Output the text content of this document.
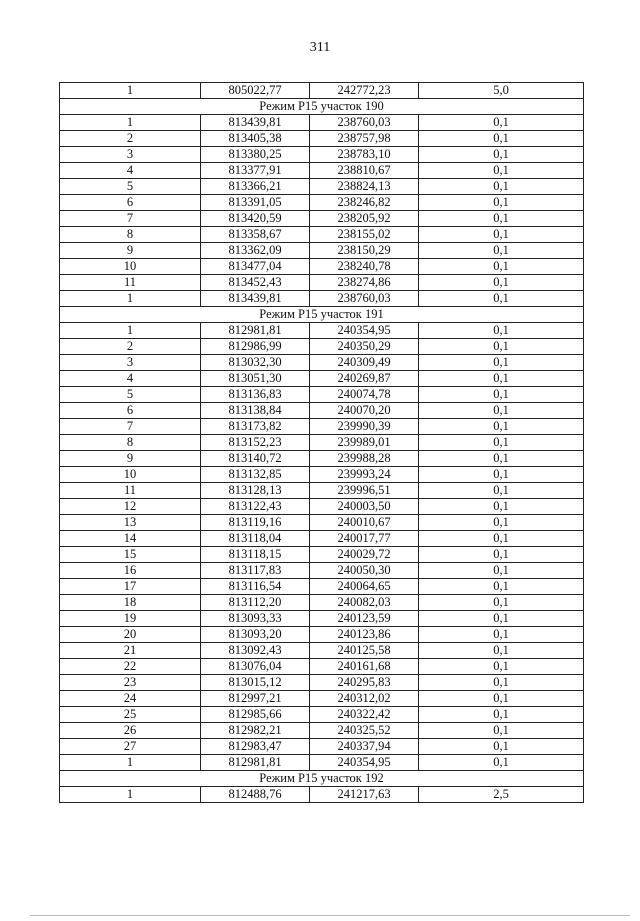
311
1	805022,77	242772,23	5,0
Режим Р15 участок 190			
1	813439,81	238760,03	0,1
2	813405,38	238757,98	0,1
3	813380,25	238783,10	0,1
4	813377,91	238810,67	0,1
5	813366,21	238824,13	0,1
6	813391,05	238246,82	0,1
7	813420,59	238205,92	0,1
8	813358,67	238155,02	0,1
9	813362,09	238150,29	0,1
10	813477,04	238240,78	0,1
11	813452,43	238274,86	0,1
1	813439,81	238760,03	0,1
Режим Р15 участок 191			
1	812981,81	240354,95	0,1
2	812986,99	240350,29	0,1
3	813032,30	240309,49	0,1
4	813051,30	240269,87	0,1
5	813136,83	240074,78	0,1
6	813138,84	240070,20	0,1
7	813173,82	239990,39	0,1
8	813152,23	239989,01	0,1
9	813140,72	239988,28	0,1
10	813132,85	239993,24	0,1
11	813128,13	239996,51	0,1
12	813122,43	240003,50	0,1
13	813119,16	240010,67	0,1
14	813118,04	240017,77	0,1
15	813118,15	240029,72	0,1
16	813117,83	240050,30	0,1
17	813116,54	240064,65	0,1
18	813112,20	240082,03	0,1
19	813093,33	240123,59	0,1
20	813093,20	240123,86	0,1
21	813092,43	240125,58	0,1
22	813076,04	240161,68	0,1
23	813015,12	240295,83	0,1
24	812997,21	240312,02	0,1
25	812985,66	240322,42	0,1
26	812982,21	240325,52	0,1
27	812983,47	240337,94	0,1
1	812981,81	240354,95	0,1
Режим Р15 участок 192			
1	812488,76	241217,63	2,5
